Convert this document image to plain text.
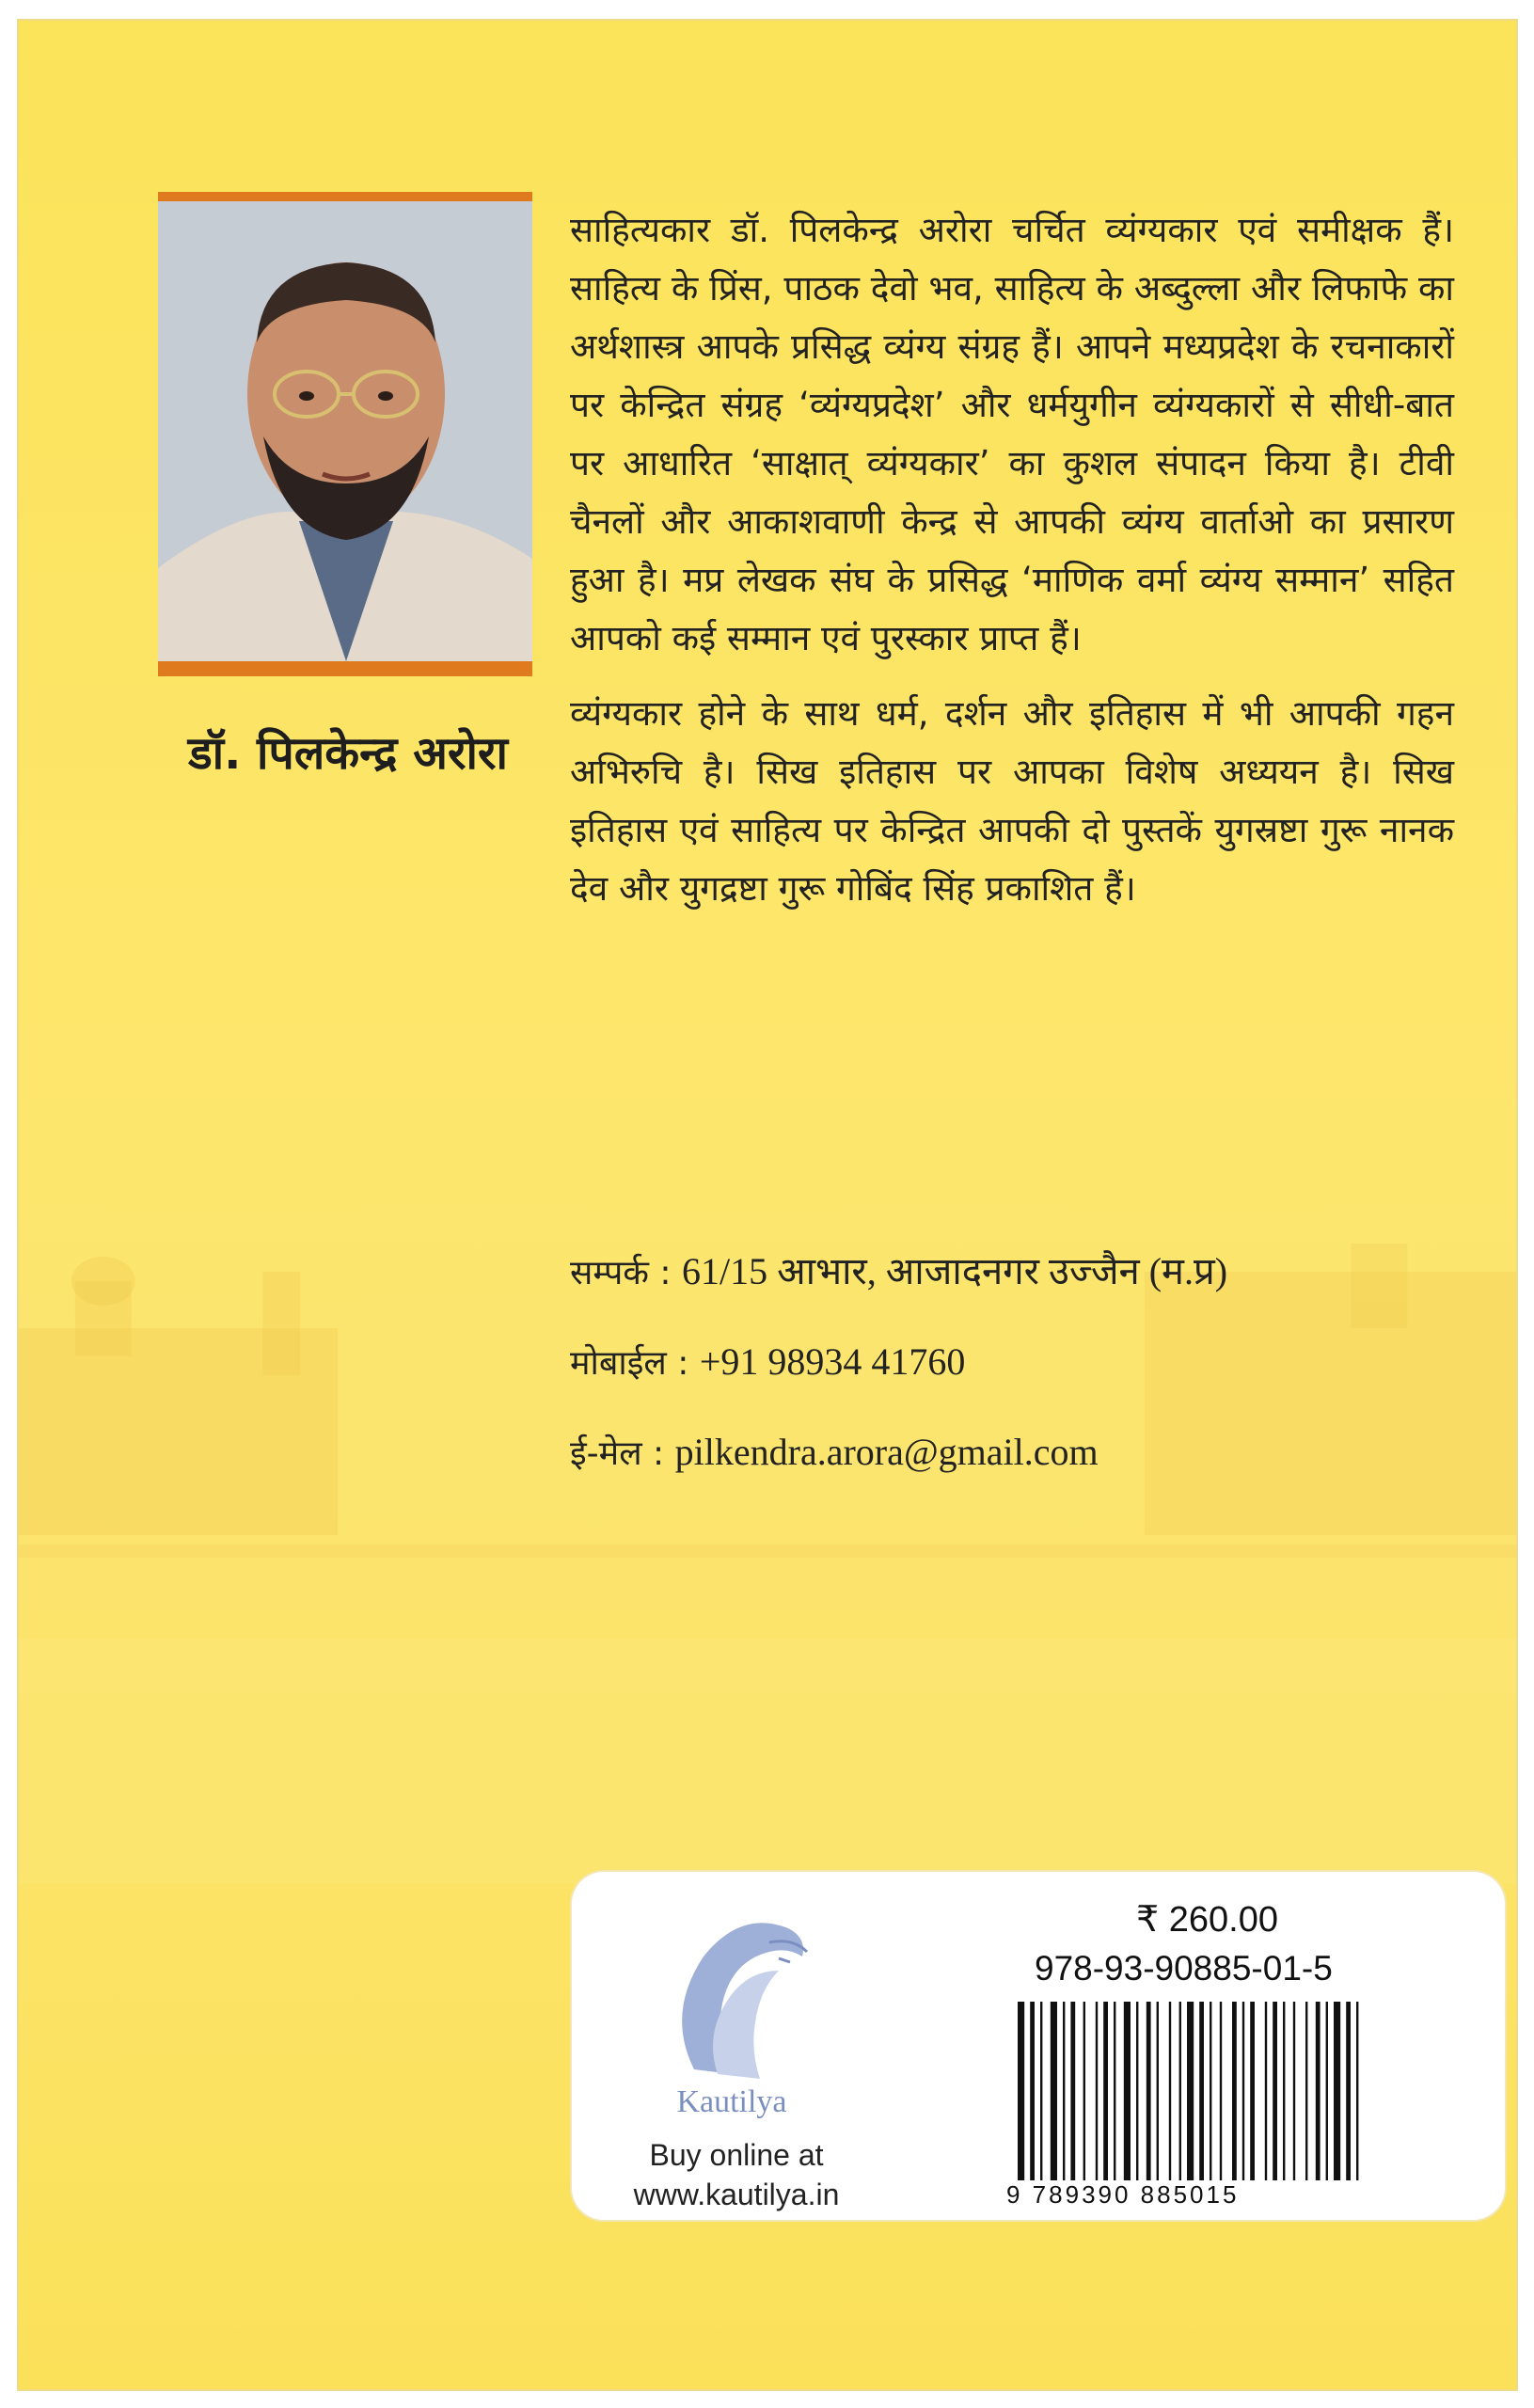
डॉ. पिलकेन्द्र अरोरा

साहित्यकार डॉ. पिलकेन्द्र अरोरा चर्चित व्यंग्यकार एवं समीक्षक हैं। साहित्य के प्रिंस, पाठक देवो भव, साहित्य के अब्दुल्ला और लिफाफे का अर्थशास्त्र आपके प्रसिद्ध व्यंग्य संग्रह हैं। आपने मध्यप्रदेश के रचनाकारों पर केन्द्रित संग्रह ‘व्यंग्यप्रदेश’ और धर्मयुगीन व्यंग्यकारों से सीधी-बात पर आधारित ‘साक्षात् व्यंग्यकार’ का कुशल संपादन किया है। टीवी चैनलों और आकाशवाणी केन्द्र से आपकी व्यंग्य वार्ताओ का प्रसारण हुआ है। मप्र लेखक संघ के प्रसिद्ध ‘माणिक वर्मा व्यंग्य सम्मान’ सहित आपको कई सम्मान एवं पुरस्कार प्राप्त हैं।

व्यंग्यकार होने के साथ धर्म, दर्शन और इतिहास में भी आपकी गहन अभिरुचि है। सिख इतिहास पर आपका विशेष अध्ययन है। सिख इतिहास एवं साहित्य पर केन्द्रित आपकी दो पुस्तकें युगस्रष्टा गुरू नानक देव और युगद्रष्टा गुरू गोबिंद सिंह प्रकाशित हैं।

सम्पर्क : 61/15 आभार, आजादनगर उज्जैन (म.प्र)
मोबाईल : +91 98934 41760
ई-मेल : pilkendra.arora@gmail.com
Kautilya
Buy online at
www.kautilya.in
₹ 260.00
978-93-90885-01-5
9 789390 885015
